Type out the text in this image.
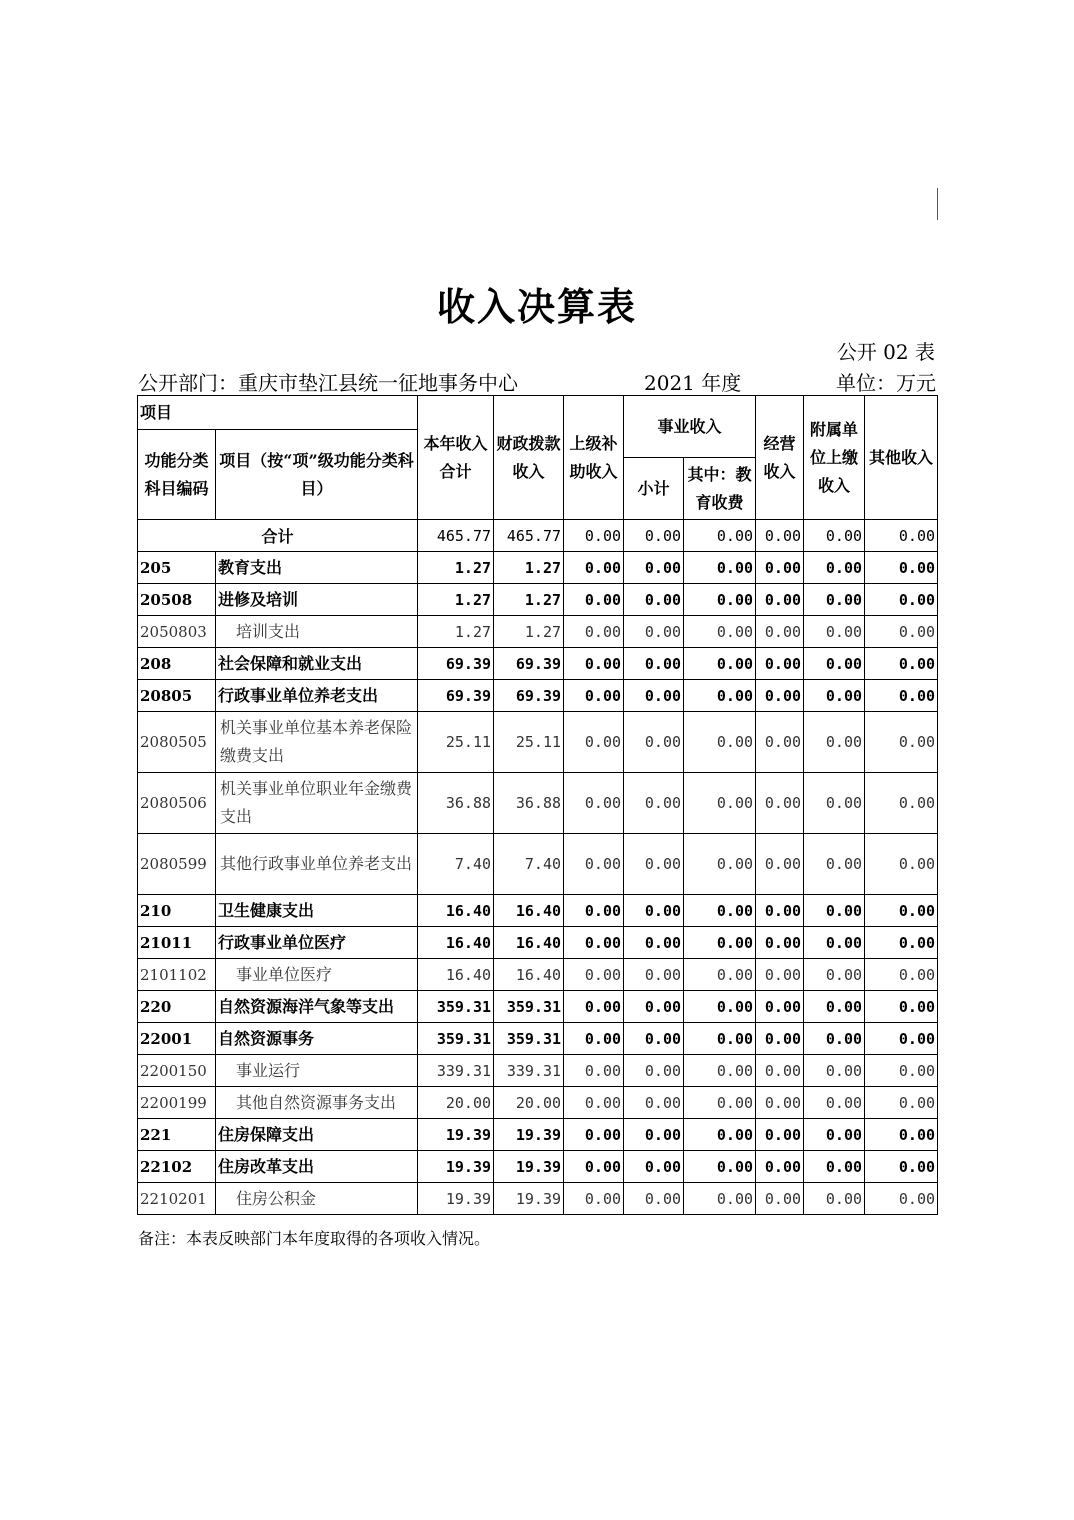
收入决算表
公开 02 表
公开部门：重庆市垫江县统一征地事务中心	2021 年度	单位：万元
项目		本年收入合计	财政拨款收入	上级补助收入	事业收入		经营收入	附属单位上缴收入	其他收入
功能分类科目编码	项目（按“项”级功能分类科目）								
					小计	其中：教育收费			
合计		465.77	465.77	0.00	0.00	0.00	0.00	0.00	0.00
205	教育支出	1.27	1.27	0.00	0.00	0.00	0.00	0.00	0.00
20508	进修及培训	1.27	1.27	0.00	0.00	0.00	0.00	0.00	0.00
2050803	培训支出	1.27	1.27	0.00	0.00	0.00	0.00	0.00	0.00
208	社会保障和就业支出	69.39	69.39	0.00	0.00	0.00	0.00	0.00	0.00
20805	行政事业单位养老支出	69.39	69.39	0.00	0.00	0.00	0.00	0.00	0.00
2080505	机关事业单位基本养老保险缴费支出	25.11	25.11	0.00	0.00	0.00	0.00	0.00	0.00
2080506	机关事业单位职业年金缴费支出	36.88	36.88	0.00	0.00	0.00	0.00	0.00	0.00
2080599	其他行政事业单位养老支出	7.40	7.40	0.00	0.00	0.00	0.00	0.00	0.00
210	卫生健康支出	16.40	16.40	0.00	0.00	0.00	0.00	0.00	0.00
21011	行政事业单位医疗	16.40	16.40	0.00	0.00	0.00	0.00	0.00	0.00
2101102	事业单位医疗	16.40	16.40	0.00	0.00	0.00	0.00	0.00	0.00
220	自然资源海洋气象等支出	359.31	359.31	0.00	0.00	0.00	0.00	0.00	0.00
22001	自然资源事务	359.31	359.31	0.00	0.00	0.00	0.00	0.00	0.00
2200150	事业运行	339.31	339.31	0.00	0.00	0.00	0.00	0.00	0.00
2200199	其他自然资源事务支出	20.00	20.00	0.00	0.00	0.00	0.00	0.00	0.00
221	住房保障支出	19.39	19.39	0.00	0.00	0.00	0.00	0.00	0.00
22102	住房改革支出	19.39	19.39	0.00	0.00	0.00	0.00	0.00	0.00
2210201	住房公积金	19.39	19.39	0.00	0.00	0.00	0.00	0.00	0.00
备注：本表反映部门本年度取得的各项收入情况。
